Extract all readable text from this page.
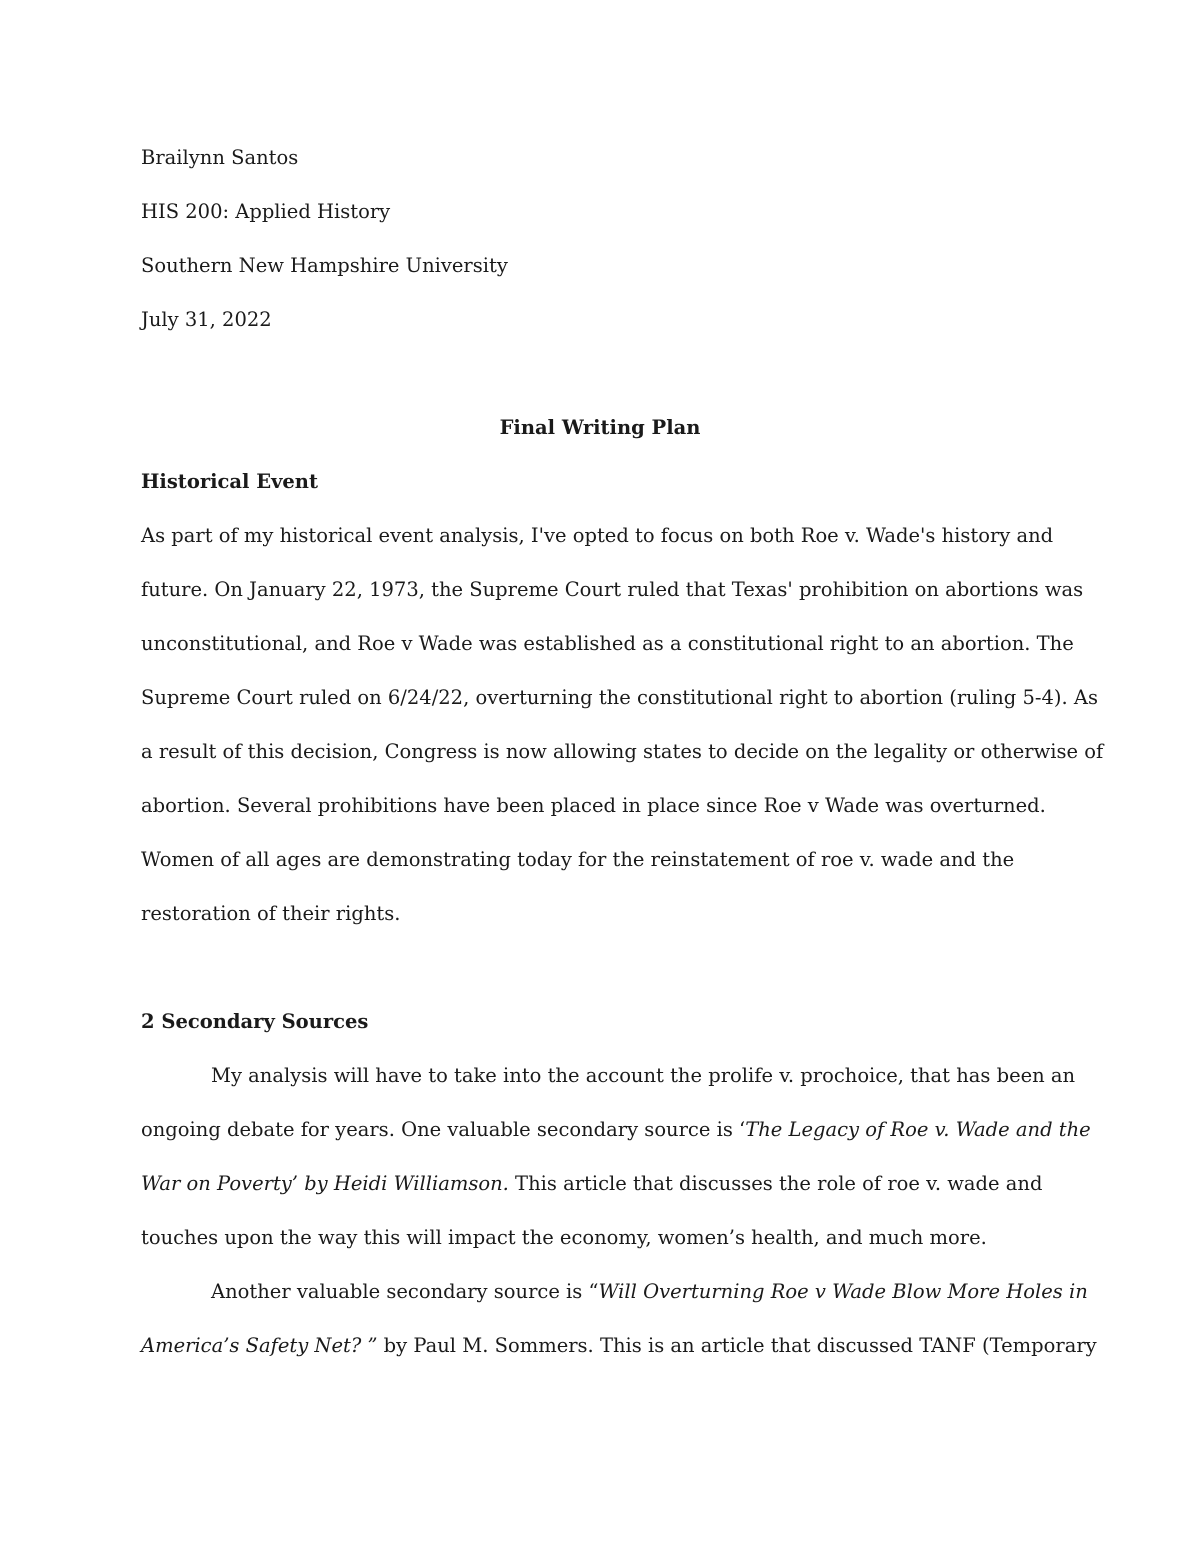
Brailynn Santos

HIS 200: Applied History

Southern New Hampshire University

July 31, 2022

Final Writing Plan

Historical Event

As part of my historical event analysis, I've opted to focus on both Roe v. Wade's history and

future. On January 22, 1973, the Supreme Court ruled that Texas' prohibition on abortions was

unconstitutional, and Roe v Wade was established as a constitutional right to an abortion. The

Supreme Court ruled on 6/24/22, overturning the constitutional right to abortion (ruling 5-4). As

a result of this decision, Congress is now allowing states to decide on the legality or otherwise of

abortion. Several prohibitions have been placed in place since Roe v Wade was overturned.

Women of all ages are demonstrating today for the reinstatement of roe v. wade and the

restoration of their rights.

2 Secondary Sources

My analysis will have to take into the account the prolife v. prochoice, that has been an

ongoing debate for years. One valuable secondary source is ‘The Legacy of Roe v. Wade and the

War on Poverty’ by Heidi Williamson. This article that discusses the role of roe v. wade and

touches upon the way this will impact the economy, women’s health, and much more.

Another valuable secondary source is “Will Overturning Roe v Wade Blow More Holes in

America’s Safety Net? ” by Paul M. Sommers. This is an article that discussed TANF (Temporary
